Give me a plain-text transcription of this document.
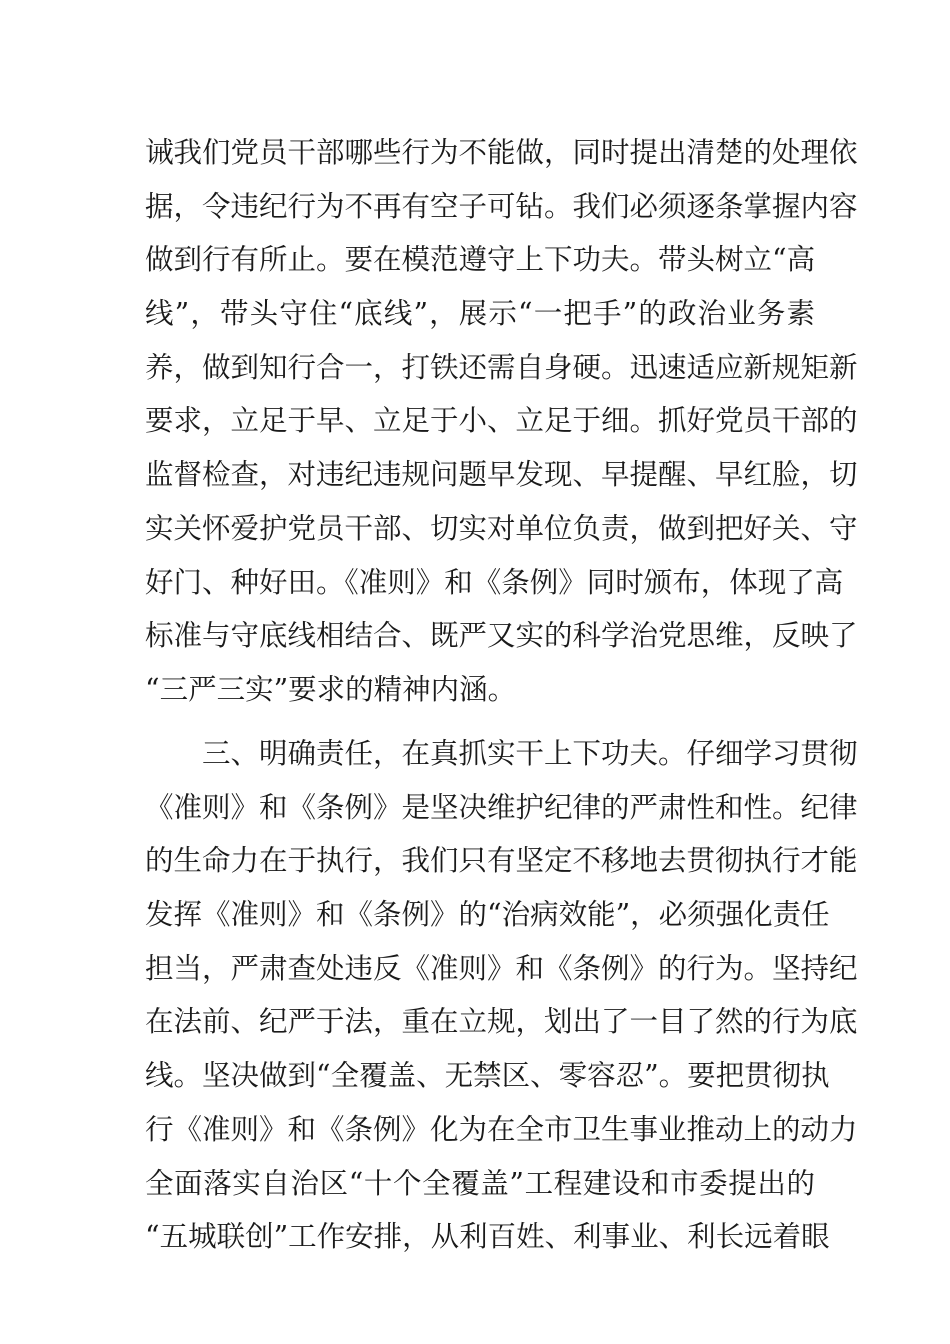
诫我们党员干部哪些行为不能做，同时提出清楚的处理依
据，令违纪行为不再有空子可钻。我们必须逐条掌握内容
做到行有所止。要在模范遵守上下功夫。带头树立“高
线”，带头守住“底线”，展示“一把手”的政治业务素
养，做到知行合一，打铁还需自身硬。迅速适应新规矩新
要求，立足于早、立足于小、立足于细。抓好党员干部的
监督检查，对违纪违规问题早发现、早提醒、早红脸，切
实关怀爱护党员干部、切实对单位负责，做到把好关、守
好门、种好田。《准则》和《条例》同时颁布，体现了高
标准与守底线相结合、既严又实的科学治党思维，反映了
“三严三实”要求的精神内涵。
　　三、明确责任，在真抓实干上下功夫。仔细学习贯彻
《准则》和《条例》是坚决维护纪律的严肃性和性。纪律
的生命力在于执行，我们只有坚定不移地去贯彻执行才能
发挥《准则》和《条例》的“治病效能”，必须强化责任
担当，严肃查处违反《准则》和《条例》的行为。坚持纪
在法前、纪严于法，重在立规，划出了一目了然的行为底
线。坚决做到“全覆盖、无禁区、零容忍”。要把贯彻执
行《准则》和《条例》化为在全市卫生事业推动上的动力
全面落实自治区“十个全覆盖”工程建设和市委提出的
“五城联创”工作安排，从利百姓、利事业、利长远着眼
